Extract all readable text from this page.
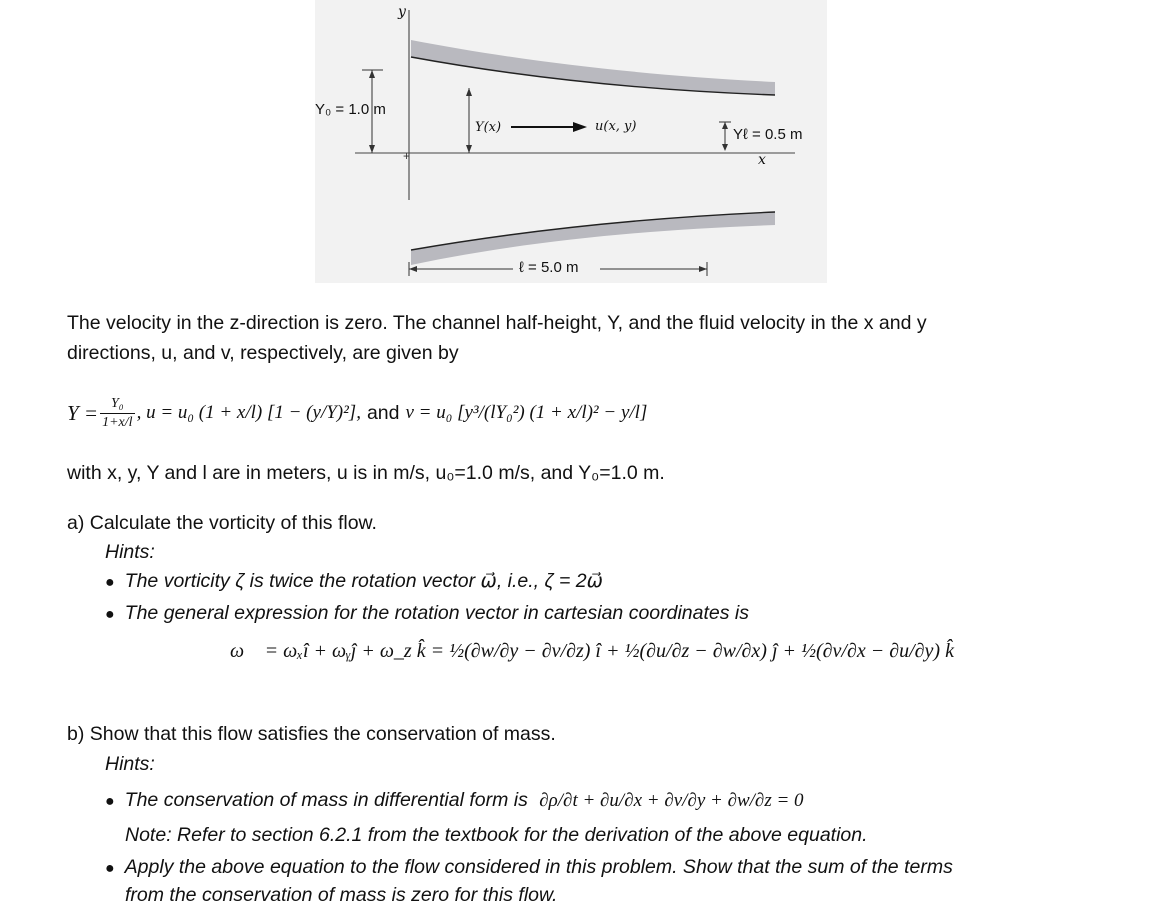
+
y
Y₀ = 1.0 m
Y(x)	u(x, y)	Yℓ = 0.5 m
x
ℓ = 5.0 m
The velocity in the z-direction is zero. The channel half-height, Y, and the fluid velocity in the x and y
directions, u, and v, respectively, are given by
$Y = \frac{\text{Y₀}}{1+x/l}$ , u = u₀ (1 + x/l) [1 − (y/Y)²], and v = u₀ [y³/(lY₀²) (1 + x/l)² − y/l]
with x, y, Y and l are in meters, u is in m/s, u₀=1.0 m/s, and Y₀=1.0 m.
a) Calculate the vorticity of this flow.
Hints:
● The vorticity ζ is twice the rotation vector ω⃗, i.e., ζ = 2ω⃗
● The general expression for the rotation vector in cartesian coordinates is
ω⃗ = ωₓî + ωᵧĵ + ω_z k̂ = ½(∂w/∂y − ∂v/∂z) î + ½(∂u/∂z − ∂w/∂x) ĵ + ½(∂v/∂x − ∂u/∂y) k̂
b) Show that this flow satisfies the conservation of mass.
Hints:
● The conservation of mass in differential form is ∂ρ/∂t + ∂u/∂x + ∂v/∂y + ∂w/∂z = 0
Note: Refer to section 6.2.1 from the textbook for the derivation of the above equation.
● Apply the above equation to the flow considered in this problem. Show that the sum of the terms
from the conservation of mass is zero for this flow.
